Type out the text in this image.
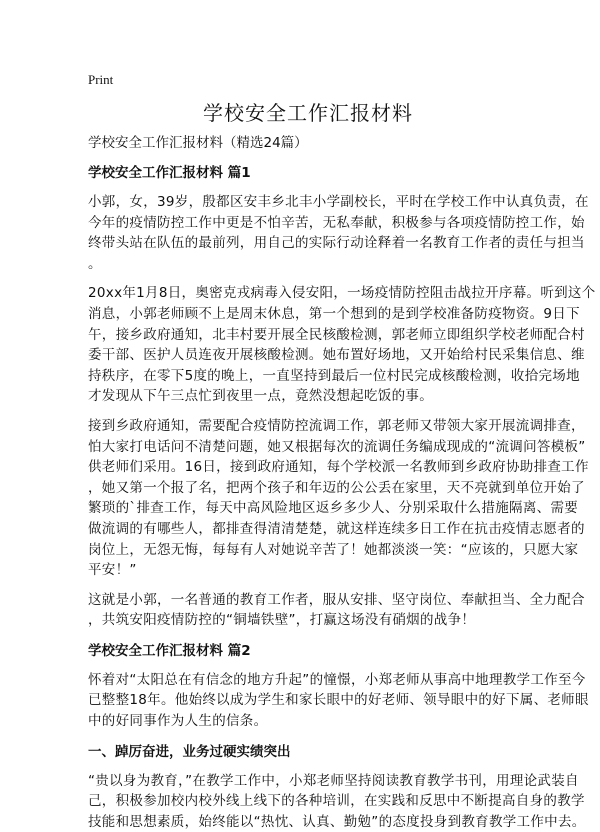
Print
学校安全工作汇报材料
学校安全工作汇报材料（精选24篇）
学校安全工作汇报材料 篇1
小郭，女，39岁，殷都区安丰乡北丰小学副校长，平时在学校工作中认真负责，在
今年的疫情防控工作中更是不怕辛苦，无私奉献，积极参与各项疫情防控工作，始
终带头站在队伍的最前列，用自己的实际行动诠释着一名教育工作者的责任与担当
。
20xx年1月8日，奥密克戎病毒入侵安阳，一场疫情防控阻击战拉开序幕。听到这个
消息，小郭老师顾不上是周末休息，第一个想到的是到学校准备防疫物资。9日下
午，接乡政府通知，北丰村要开展全民核酸检测，郭老师立即组织学校老师配合村
委干部、医护人员连夜开展核酸检测。她布置好场地，又开始给村民采集信息、维
持秩序，在零下5度的晚上，一直坚持到最后一位村民完成核酸检测，收拾完场地
才发现从下午三点忙到夜里一点，竟然没想起吃饭的事。
接到乡政府通知，需要配合疫情防控流调工作，郭老师又带领大家开展流调排查，
怕大家打电话问不清楚问题，她又根据每次的流调任务编成现成的“流调问答模板”
供老师们采用。16日，接到政府通知，每个学校派一名教师到乡政府协助排查工作
，她又第一个报了名，把两个孩子和年迈的公公丢在家里，天不亮就到单位开始了
繁琐的`排查工作，每天中高风险地区返乡多少人、分别采取什么措施隔离、需要
做流调的有哪些人，都排查得清清楚楚，就这样连续多日工作在抗击疫情志愿者的
岗位上，无怨无悔，每每有人对她说辛苦了！她都淡淡一笑：“应该的，只愿大家
平安！”
这就是小郭，一名普通的教育工作者，服从安排、坚守岗位、奉献担当、全力配合
，共筑安阳疫情防控的“铜墙铁壁”，打赢这场没有硝烟的战争！
学校安全工作汇报材料 篇2
怀着对“太阳总在有信念的地方升起”的憧憬，小郑老师从事高中地理教学工作至今
已整整18年。他始终以成为学生和家长眼中的好老师、领导眼中的好下属、老师眼
中的好同事作为人生的信条。
一、踔厉奋进，业务过硬实绩突出
“贵以身为教育，”在教学工作中，小郑老师坚持阅读教育教学书刊，用理论武装自
己，积极参加校内校外线上线下的各种培训，在实践和反思中不断提高自身的教学
技能和思想素质，始终能以“热忱、认真、勤勉”的态度投身到教育教学工作中去。
